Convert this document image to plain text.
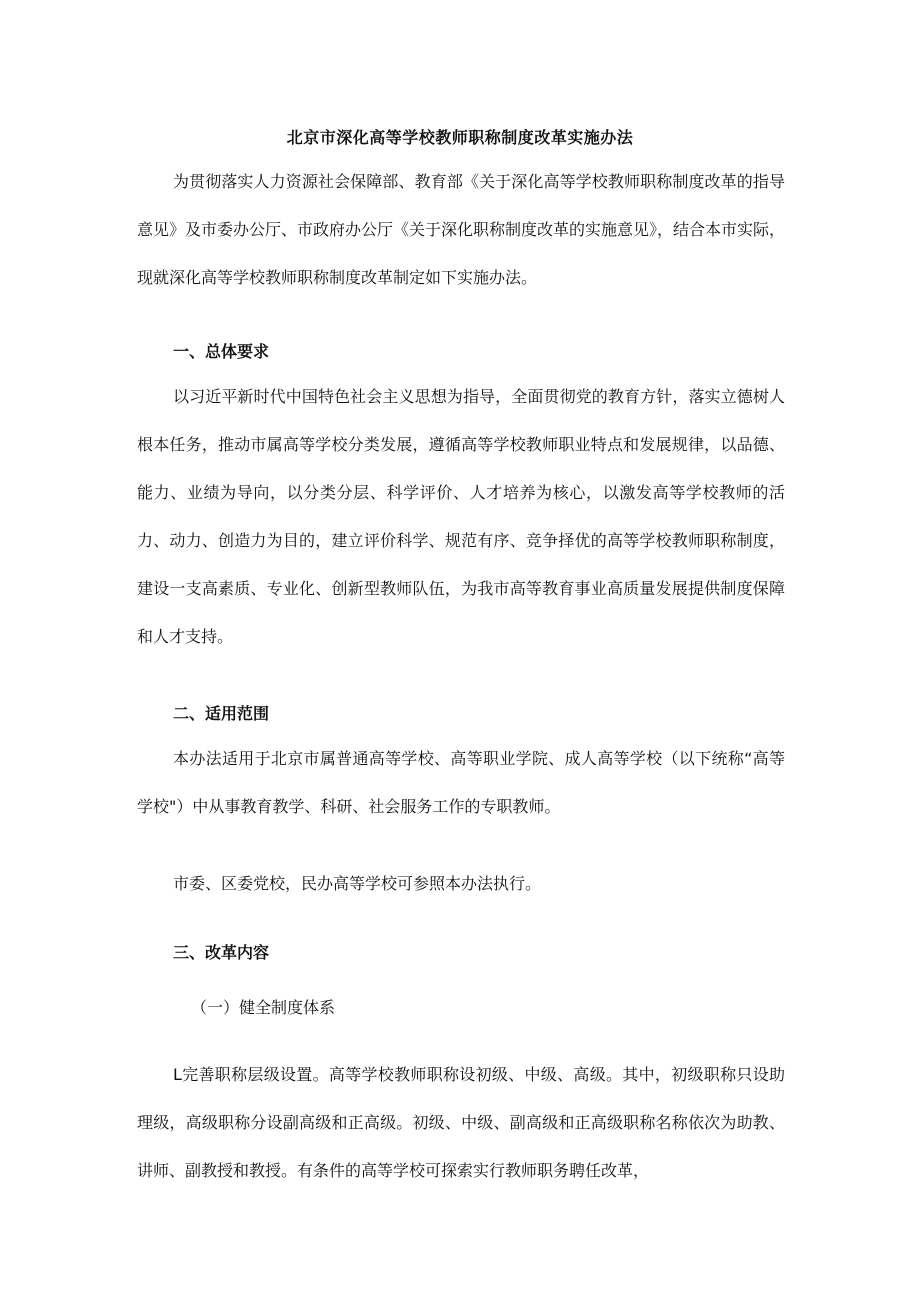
北京市深化高等学校教师职称制度改革实施办法

为贯彻落实人力资源社会保障部、教育部《关于深化高等学校教师职称制度改革的指导意见》及市委办公厅、市政府办公厅《关于深化职称制度改革的实施意见》，结合本市实际，现就深化高等学校教师职称制度改革制定如下实施办法。

一、总体要求

以习近平新时代中国特色社会主义思想为指导，全面贯彻党的教育方针，落实立德树人根本任务，推动市属高等学校分类发展，遵循高等学校教师职业特点和发展规律，以品德、能力、业绩为导向，以分类分层、科学评价、人才培养为核心，以激发高等学校教师的活力、动力、创造力为目的，建立评价科学、规范有序、竞争择优的高等学校教师职称制度，建设一支高素质、专业化、创新型教师队伍，为我市高等教育事业高质量发展提供制度保障和人才支持。

二、适用范围

本办法适用于北京市属普通高等学校、高等职业学院、成人高等学校（以下统称“高等学校"）中从事教育教学、科研、社会服务工作的专职教师。

市委、区委党校，民办高等学校可参照本办法执行。

三、改革内容

（一）健全制度体系

L完善职称层级设置。高等学校教师职称设初级、中级、高级。其中，初级职称只设助理级，高级职称分设副高级和正高级。初级、中级、副高级和正高级职称名称依次为助教、讲师、副教授和教授。有条件的高等学校可探索实行教师职务聘任改革，
